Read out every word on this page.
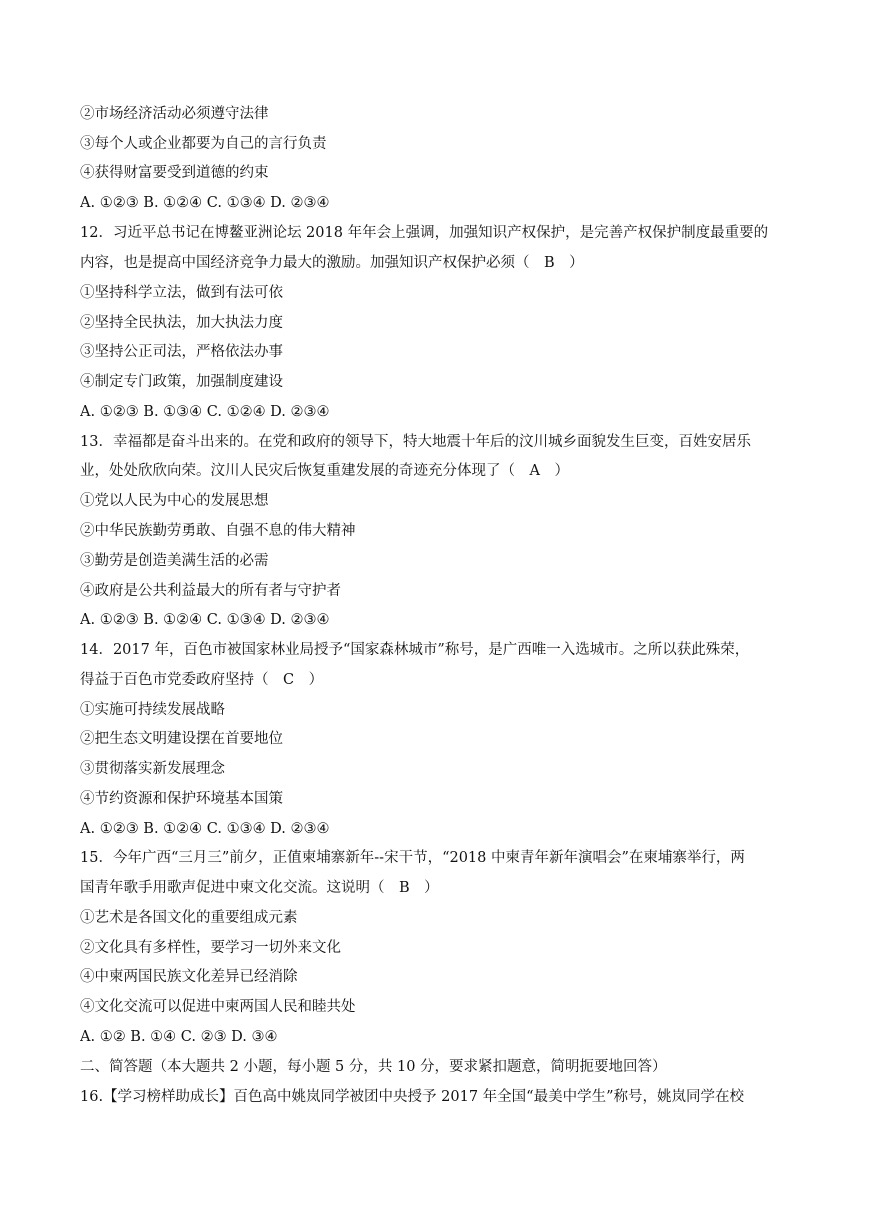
②市场经济活动必须遵守法律
③每个人或企业都要为自己的言行负责
④获得财富要受到道德的约束
A. ①②③ B. ①②④ C. ①③④ D. ②③④
12．习近平总书记在博鳌亚洲论坛 2018 年年会上强调，加强知识产权保护，是完善产权保护制度最重要的
内容，也是提高中国经济竞争力最大的激励。加强知识产权保护必须（　B　）
①坚持科学立法，做到有法可依
②坚持全民执法，加大执法力度
③坚持公正司法，严格依法办事
④制定专门政策，加强制度建设
A. ①②③ B. ①③④ C. ①②④ D. ②③④
13．幸福都是奋斗出来的。在党和政府的领导下，特大地震十年后的汶川城乡面貌发生巨变，百姓安居乐
业，处处欣欣向荣。汶川人民灾后恢复重建发展的奇迹充分体现了（　A　）
①党以人民为中心的发展思想
②中华民族勤劳勇敢、自强不息的伟大精神
③勤劳是创造美满生活的必需
④政府是公共利益最大的所有者与守护者
A. ①②③ B. ①②④ C. ①③④ D. ②③④
14．2017 年，百色市被国家林业局授予“国家森林城市”称号，是广西唯一入选城市。之所以获此殊荣，
得益于百色市党委政府坚持（　C　）
①实施可持续发展战略
②把生态文明建设摆在首要地位
③贯彻落实新发展理念
④节约资源和保护环境基本国策
A. ①②③ B. ①②④ C. ①③④ D. ②③④
15．今年广西“三月三”前夕，正值柬埔寨新年--宋干节，“2018 中柬青年新年演唱会”在柬埔寨举行，两
国青年歌手用歌声促进中柬文化交流。这说明（　B　）
①艺术是各国文化的重要组成元素
②文化具有多样性，要学习一切外来文化
④中柬两国民族文化差异已经消除
④文化交流可以促进中柬两国人民和睦共处
A. ①② B. ①④ C. ②③ D. ③④
二、简答题（本大题共 2 小题，每小题 5 分，共 10 分，要求紧扣题意，简明扼要地回答）
16.【学习榜样助成长】百色高中姚岚同学被团中央授予 2017 年全国“最美中学生”称号，姚岚同学在校
